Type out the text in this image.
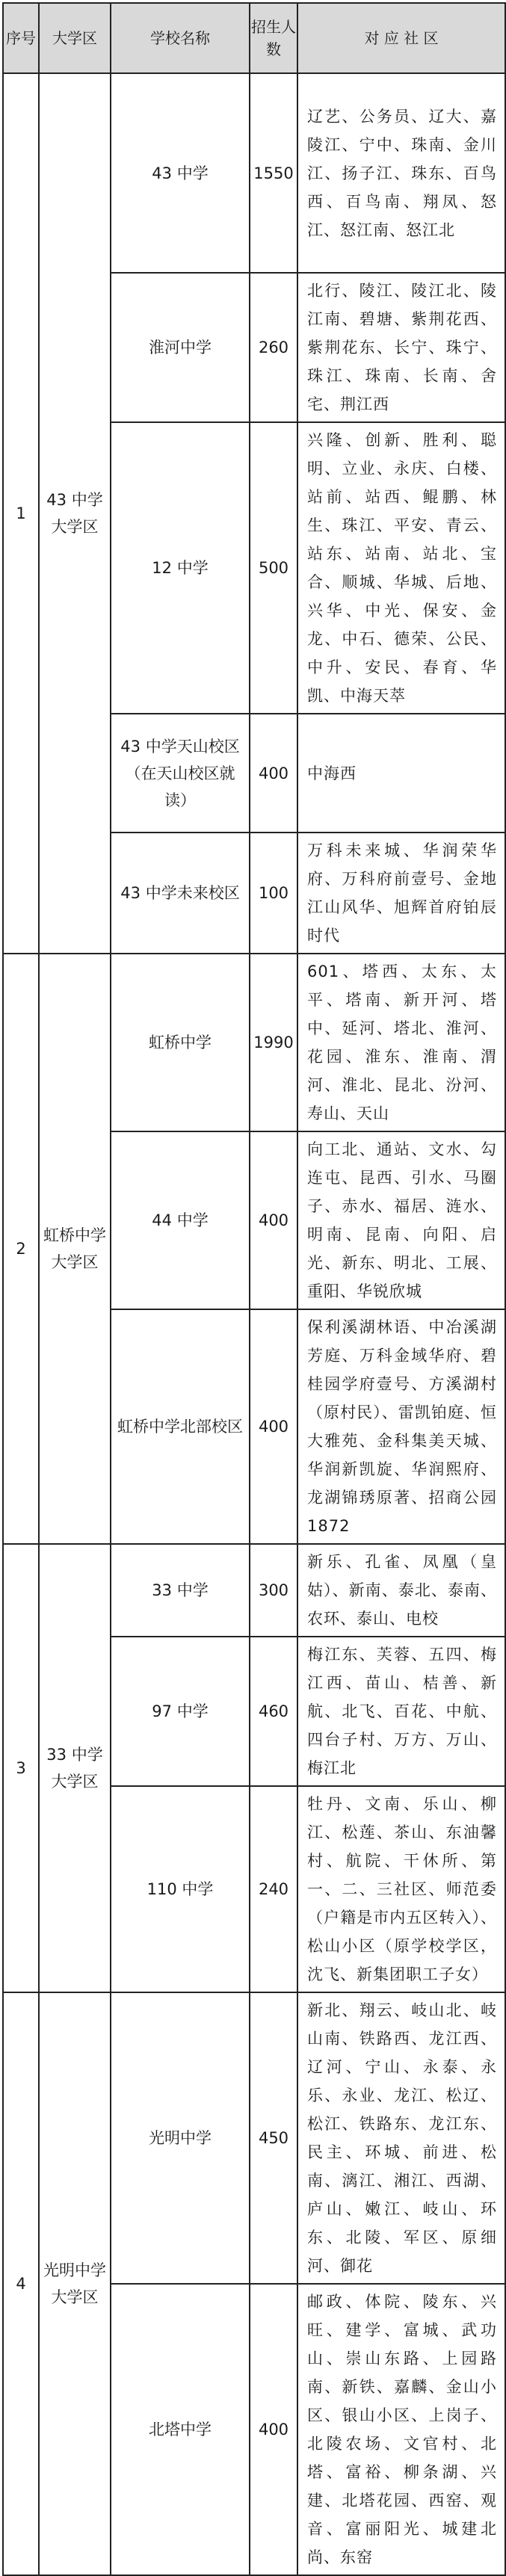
序号	大学区	学校名称	招生人数	对 应 社 区
1	43 中学大学区	43 中学	1550	辽艺、公务员、辽大、嘉陵江、宁中、珠南、金川江、扬子江、珠东、百鸟西、百鸟南、翔凤、怒江、怒江南、怒江北
		淮河中学	260	北行、陵江、陵江北、陵江南、碧塘、紫荆花西、紫荆花东、长宁、珠宁、珠江、珠南、长南、舍宅、荆江西
		12 中学	500	兴隆、创新、胜利、聪明、立业、永庆、白楼、站前、站西、鲲鹏、林生、珠江、平安、青云、站东、站南、站北、宝合、顺城、华城、后地、兴华、中光、保安、金龙、中石、德荣、公民、中升、安民、春育、华凯、中海天萃
		43 中学天山校区（在天山校区就读）	400	中海西
		43 中学未来校区	100	万科未来城、华润荣华府、万科府前壹号、金地江山风华、旭辉首府铂辰时代
2	虹桥中学大学区	虹桥中学	1990	601、塔西、太东、太平、塔南、新开河、塔中、延河、塔北、淮河、花园、淮东、淮南、渭河、淮北、昆北、汾河、寿山、天山
		44 中学	400	向工北、通站、文水、勾连屯、昆西、引水、马圈子、赤水、福居、涟水、明南、昆南、向阳、启光、新东、明北、工展、重阳、华锐欣城
		虹桥中学北部校区	400	保利溪湖林语、中冶溪湖芳庭、万科金域华府、碧桂园学府壹号、方溪湖村（原村民）、雷凯铂庭、恒大雅苑、金科集美天城、华润新凯旋、华润熙府、龙湖锦琇原著、招商公园1872
3	33 中学大学区	33 中学	300	新乐、孔雀、凤凰（皇姑）、新南、泰北、泰南、农环、泰山、电校
		97 中学	460	梅江东、芙蓉、五四、梅江西、苗山、桔善、新航、北飞、百花、中航、四台子村、万方、万山、梅江北
		110 中学	240	牡丹、文南、乐山、柳江、松莲、茶山、东油馨村、航院、干休所、第一、二、三社区、师范委（户籍是市内五区转入）、松山小区（原学校学区，沈飞、新集团职工子女）
4	光明中学大学区	光明中学	450	新北、翔云、岐山北、岐山南、铁路西、龙江西、辽河、宁山、永泰、永乐、永业、龙江、松辽、松江、铁路东、龙江东、民主、环城、前进、松南、漓江、湘江、西湖、庐山、嫩江、岐山、环东、北陵、军区、原细河、御花
		北塔中学	400	邮政、体院、陵东、兴旺、建学、富城、武功山、崇山东路、上园路南、新铁、嘉麟、金山小区、银山小区、上岗子、北陵农场、文官村、北塔、富裕、柳条湖、兴建、北塔花园、西窑、观音、富丽阳光、城建北尚、东窑
